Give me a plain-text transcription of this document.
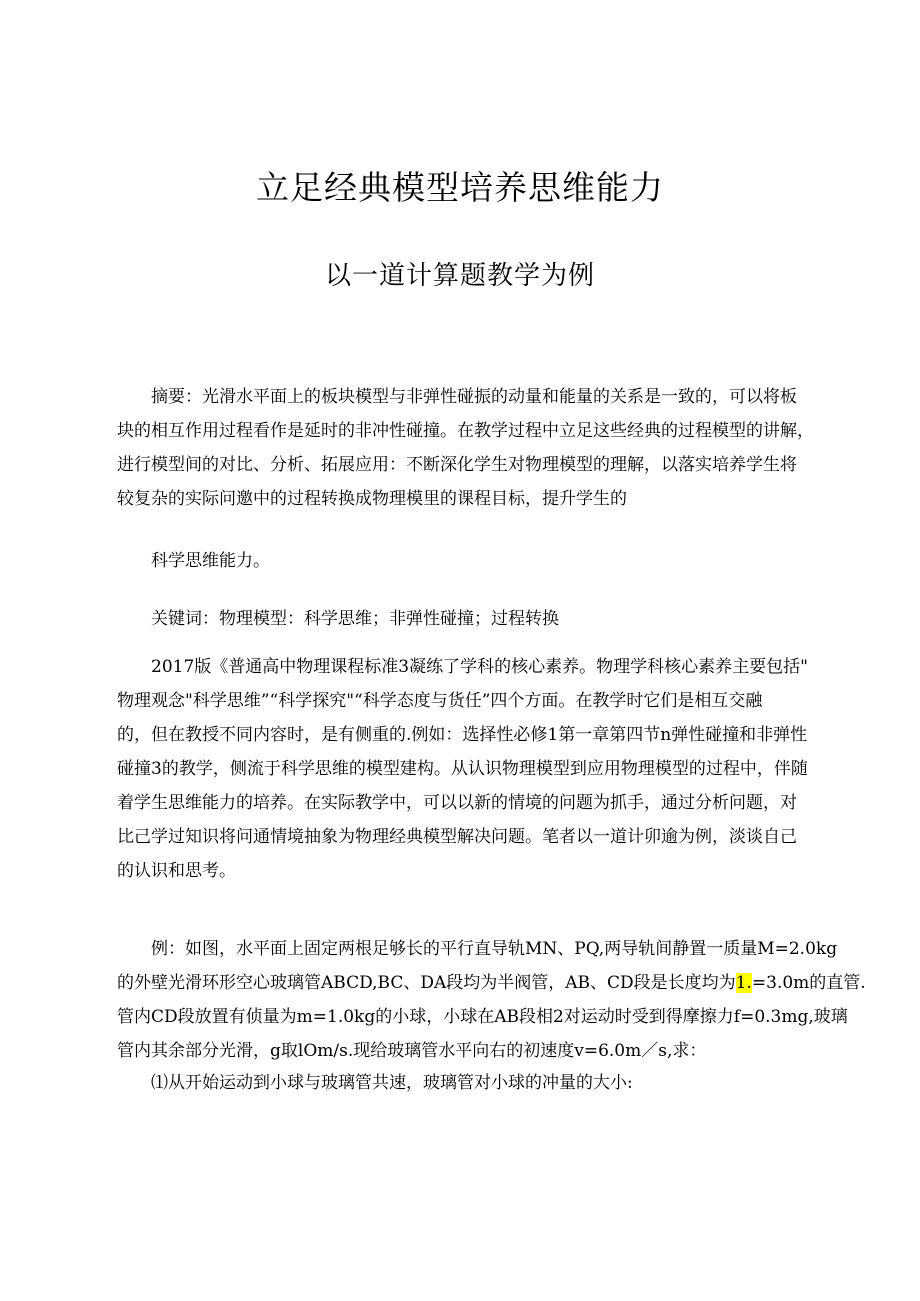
立足经典模型培养思维能力
以一道计算题教学为例
摘要：光滑水平面上的板块模型与非弹性碰振的动量和能量的关系是一致的，可以将板
块的相互作用过程看作是延时的非冲性碰撞。在教学过程中立足这些经典的过程模型的讲解，
进行模型间的对比、分析、拓展应用：不断深化学生对物理模型的理解，以落实培养学生将
较复杂的实际问邀中的过程转换成物理模里的课程目标，提升学生的
科学思维能力。
关键词：物理模型：科学思维；非弹性碰撞；过程转换
2017版《普通高中物理课程标准3凝练了学科的核心素养。物理学科核心素养主要包括"
物理观念"科学思维”“科学探究"“科学态度与货任”四个方面。在教学时它们是相互交融
的，但在教授不同内容时，是有侧重的.例如：选择性必修1第一章第四节n弹性碰撞和非弹性
碰撞3的教学，侧流于科学思维的模型建构。从认识物理模型到应用物理模型的过程中，伴随
着学生思维能力的培养。在实际教学中，可以以新的情境的问题为抓手，通过分析问题，对
比己学过知识将问通情境抽象为物理经典模型解决问题。笔者以一道计卯逾为例，淡谈自己
的认识和思考。
例：如图，水平面上固定两根足够长的平行直导轨MN、PQ,两导轨间静置一质量M=2.0kg
的外壁光滑环形空心玻璃管ABCD,BC、DA段均为半阀管，AB、CD段是长度均为1.=3.0m的直管.
管内CD段放置有侦量为m=1.0kg的小球，小球在AB段相2对运动时受到得摩擦力f=0.3mg,玻璃
管内其余部分光滑，g取lOm/s.现给玻璃管水平向右的初速度v=6.0m／s,求：
⑴从开始运动到小球与玻璃管共速，玻璃管对小球的冲量的大小:
